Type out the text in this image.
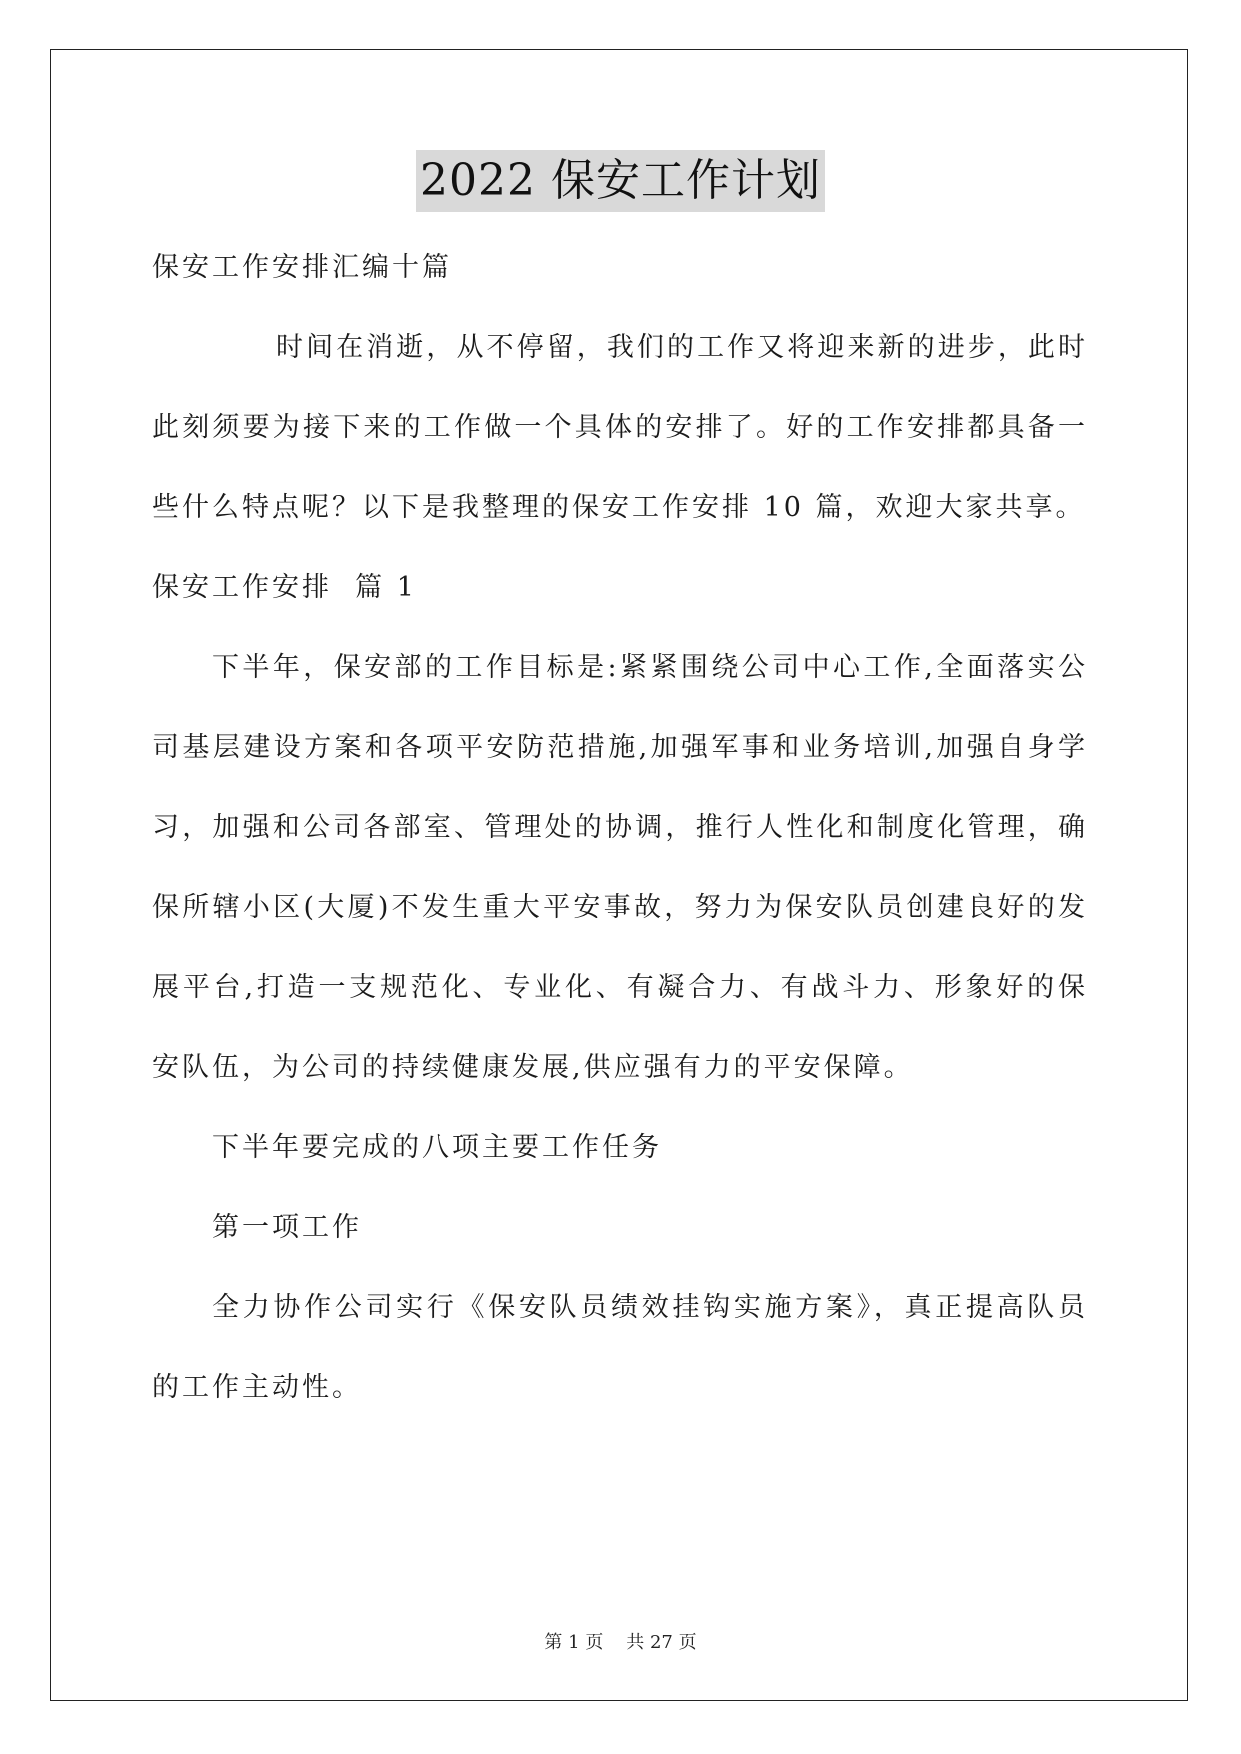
2022 保安工作计划

保安工作安排汇编十篇

时间在消逝，从不停留，我们的工作又将迎来新的进步，此时此刻须要为接下来的工作做一个具体的安排了。好的工作安排都具备一些什么特点呢？以下是我整理的保安工作安排 10 篇，欢迎大家共享。

保安工作安排  篇 1

下半年，保安部的工作目标是:紧紧围绕公司中心工作,全面落实公司基层建设方案和各项平安防范措施,加强军事和业务培训,加强自身学习，加强和公司各部室、管理处的协调，推行人性化和制度化管理，确保所辖小区(大厦)不发生重大平安事故，努力为保安队员创建良好的发展平台,打造一支规范化、专业化、有凝合力、有战斗力、形象好的保安队伍，为公司的持续健康发展,供应强有力的平安保障。

下半年要完成的八项主要工作任务

第一项工作

全力协作公司实行《保安队员绩效挂钩实施方案》，真正提高队员的工作主动性。

第 1 页 共 27 页
